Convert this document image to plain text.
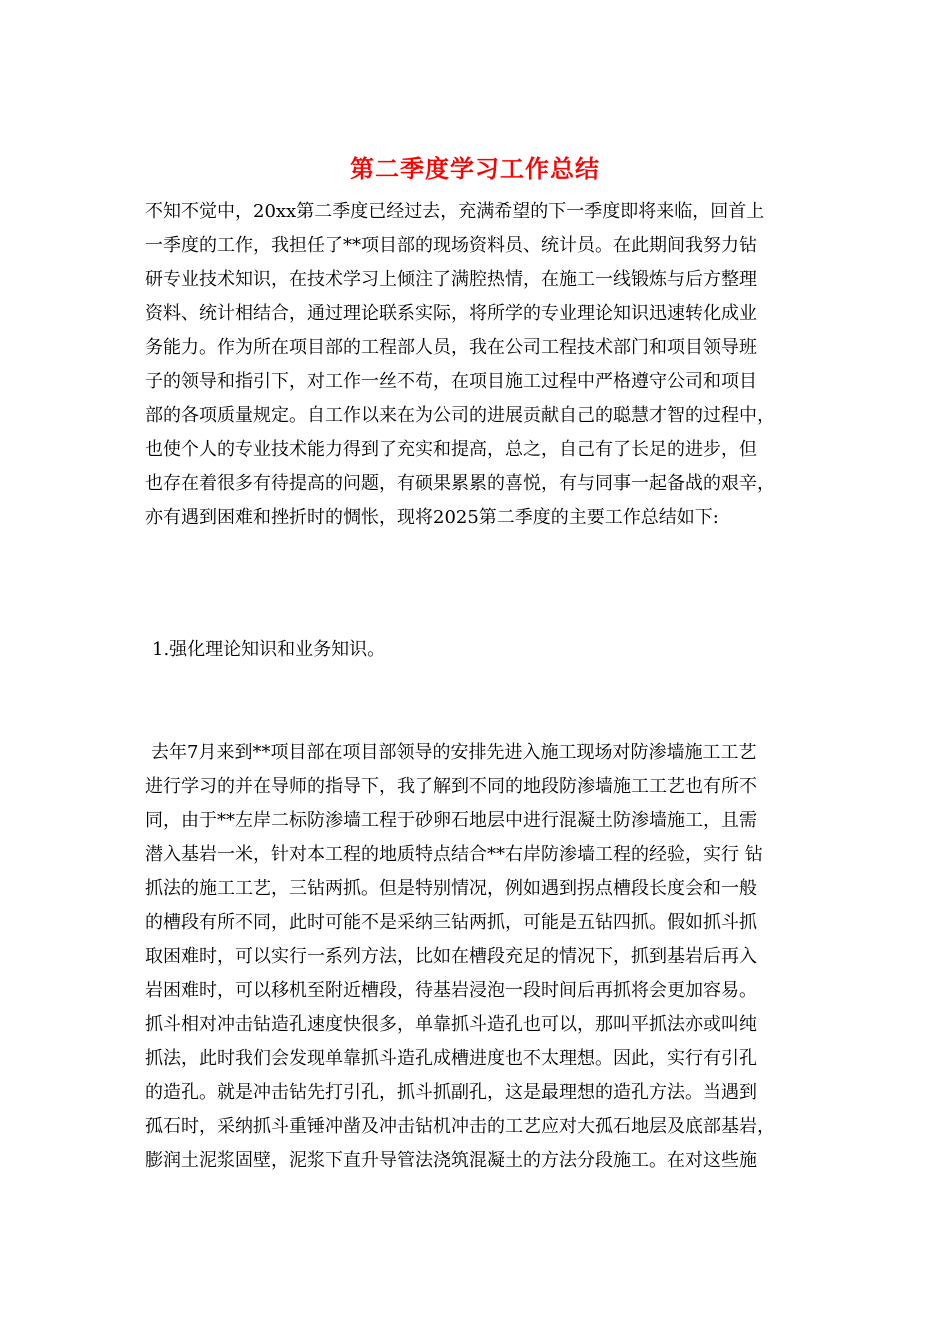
第二季度学习工作总结
不知不觉中，20xx第二季度已经过去，充满希望的下一季度即将来临，回首上
一季度的工作，我担任了**项目部的现场资料员、统计员。在此期间我努力钻
研专业技术知识，在技术学习上倾注了满腔热情，在施工一线锻炼与后方整理
资料、统计相结合，通过理论联系实际，将所学的专业理论知识迅速转化成业
务能力。作为所在项目部的工程部人员，我在公司工程技术部门和项目领导班
子的领导和指引下，对工作一丝不苟，在项目施工过程中严格遵守公司和项目
部的各项质量规定。自工作以来在为公司的进展贡献自己的聪慧才智的过程中，
也使个人的专业技术能力得到了充实和提高，总之，自己有了长足的进步，但
也存在着很多有待提高的问题，有硕果累累的喜悦，有与同事一起备战的艰辛，
亦有遇到困难和挫折时的惆怅，现将2025第二季度的主要工作总结如下:
1.强化理论知识和业务知识。
去年7月来到**项目部在项目部领导的安排先进入施工现场对防渗墙施工工艺
进行学习的并在导师的指导下，我了解到不同的地段防渗墙施工工艺也有所不
同，由于**左岸二标防渗墙工程于砂卵石地层中进行混凝土防渗墙施工，且需
潜入基岩一米，针对本工程的地质特点结合**右岸防渗墙工程的经验，实行 钻
抓法的施工工艺，三钻两抓。但是特别情况，例如遇到拐点槽段长度会和一般
的槽段有所不同，此时可能不是采纳三钻两抓，可能是五钻四抓。假如抓斗抓
取困难时，可以实行一系列方法，比如在槽段充足的情况下，抓到基岩后再入
岩困难时，可以移机至附近槽段，待基岩浸泡一段时间后再抓将会更加容易。
抓斗相对冲击钻造孔速度快很多，单靠抓斗造孔也可以，那叫平抓法亦或叫纯
抓法，此时我们会发现单靠抓斗造孔成槽进度也不太理想。因此，实行有引孔
的造孔。就是冲击钻先打引孔，抓斗抓副孔，这是最理想的造孔方法。当遇到
孤石时，采纳抓斗重锤冲凿及冲击钻机冲击的工艺应对大孤石地层及底部基岩，
膨润土泥浆固壁，泥浆下直升导管法浇筑混凝土的方法分段施工。在对这些施
